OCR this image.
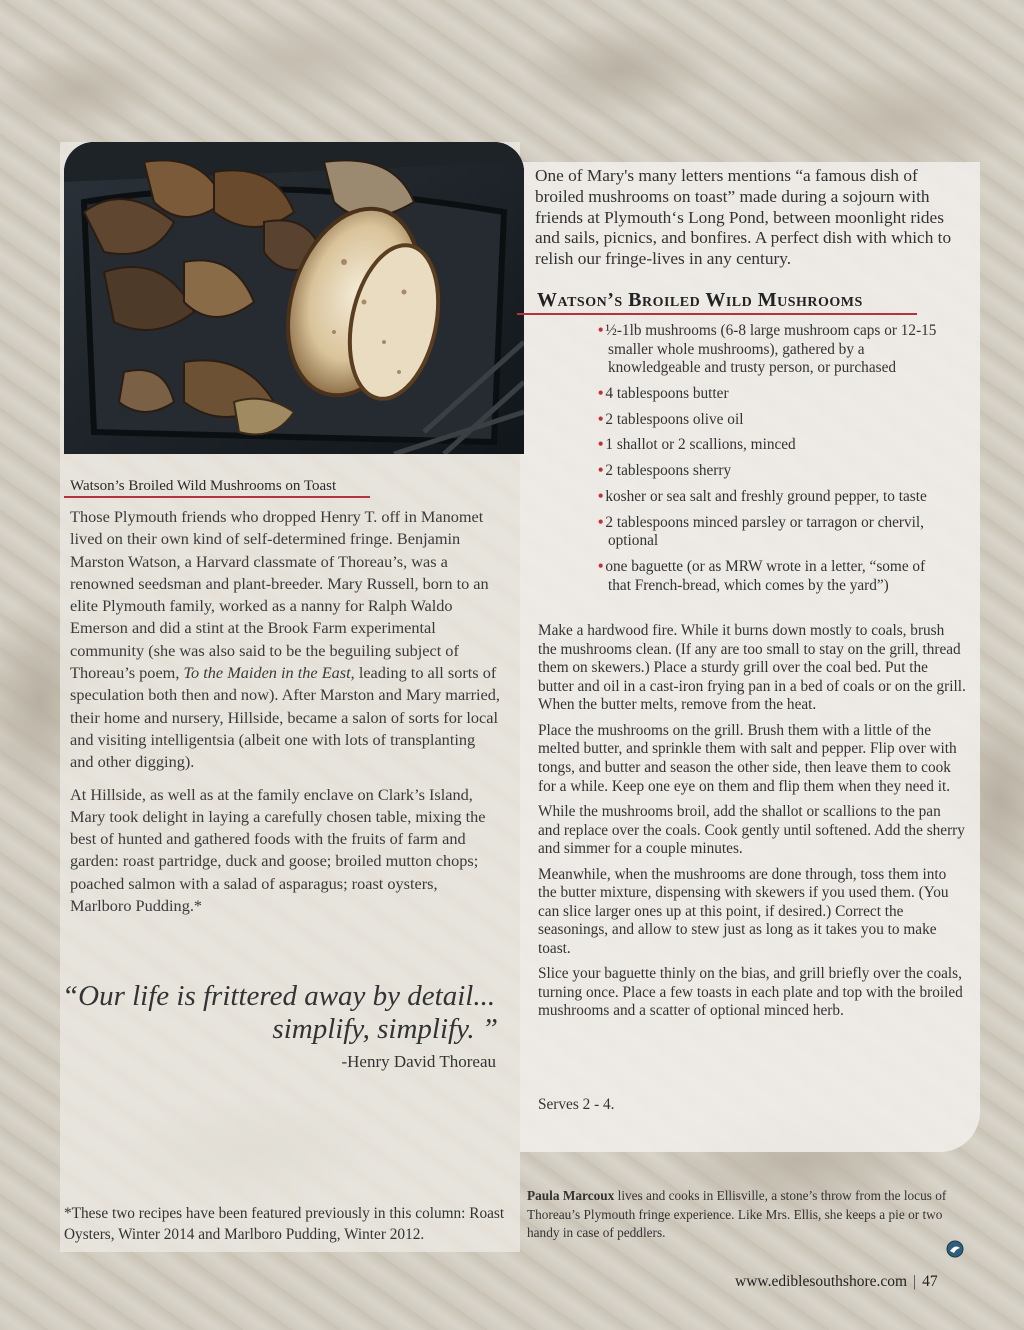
Watson’s Broiled Wild Mushrooms on Toast

Those Plymouth friends who dropped Henry T. off in Manomet lived on their own kind of self-determined fringe. Benjamin Marston Watson, a Harvard classmate of Thoreau’s, was a renowned seedsman and plant-breeder. Mary Russell, born to an elite Plymouth family, worked as a nanny for Ralph Waldo Emerson and did a stint at the Brook Farm experimental community (she was also said to be the beguiling subject of Thoreau’s poem, To the Maiden in the East, leading to all sorts of speculation both then and now). After Marston and Mary married, their home and nursery, Hillside, became a salon of sorts for local and visiting intelligentsia (albeit one with lots of transplanting and other digging).

At Hillside, as well as at the family enclave on Clark’s Island, Mary took delight in laying a carefully chosen table, mixing the best of hunted and gathered foods with the fruits of farm and garden: roast partridge, duck and goose; broiled mutton chops; poached salmon with a salad of asparagus; roast oysters, Marlboro Pudding.*

“Our life is frittered away by detail...
simplify, simplify. ”
-Henry David Thoreau
*These two recipes have been featured previously in this column: Roast Oysters, Winter 2014 and Marlboro Pudding, Winter 2012.

One of Mary's many letters mentions “a famous dish of broiled mushrooms on toast” made during a sojourn with friends at Plymouth‘s Long Pond, between moonlight rides and sails, picnics, and bonfires. A perfect dish with which to relish our fringe-lives in any century.

Watson’s Broiled Wild Mushrooms
• ½-1lb mushrooms (6-8 large mushroom caps or 12-15 smaller whole mushrooms), gathered by a knowledgeable and trusty person, or purchased
• 4 tablespoons butter
• 2 tablespoons olive oil
• 1 shallot or 2 scallions, minced
• 2 tablespoons sherry
• kosher or sea salt and freshly ground pepper, to taste
• 2 tablespoons minced parsley or tarragon or chervil, optional
• one baguette (or as MRW wrote in a letter, “some of that French-bread, which comes by the yard”)

Make a hardwood fire. While it burns down mostly to coals, brush the mushrooms clean. (If any are too small to stay on the grill, thread them on skewers.) Place a sturdy grill over the coal bed. Put the butter and oil in a cast-iron frying pan in a bed of coals or on the grill. When the butter melts, remove from the heat.

Place the mushrooms on the grill. Brush them with a little of the melted butter, and sprinkle them with salt and pepper. Flip over with tongs, and butter and season the other side, then leave them to cook for a while. Keep one eye on them and flip them when they need it.

While the mushrooms broil, add the shallot or scallions to the pan and replace over the coals. Cook gently until softened. Add the sherry and simmer for a couple minutes.

Meanwhile, when the mushrooms are done through, toss them into the butter mixture, dispensing with skewers if you used them. (You can slice larger ones up at this point, if desired.) Correct the seasonings, and allow to stew just as long as it takes you to make toast.

Slice your baguette thinly on the bias, and grill briefly over the coals, turning once. Place a few toasts in each plate and top with the broiled mushrooms and a scatter of optional minced herb.

Serves 2 - 4.
Paula Marcoux lives and cooks in Ellisville, a stone’s throw from the locus of Thoreau’s Plymouth fringe experience. Like Mrs. Ellis, she keeps a pie or two handy in case of peddlers.
www.ediblesouthshore.com | 47
